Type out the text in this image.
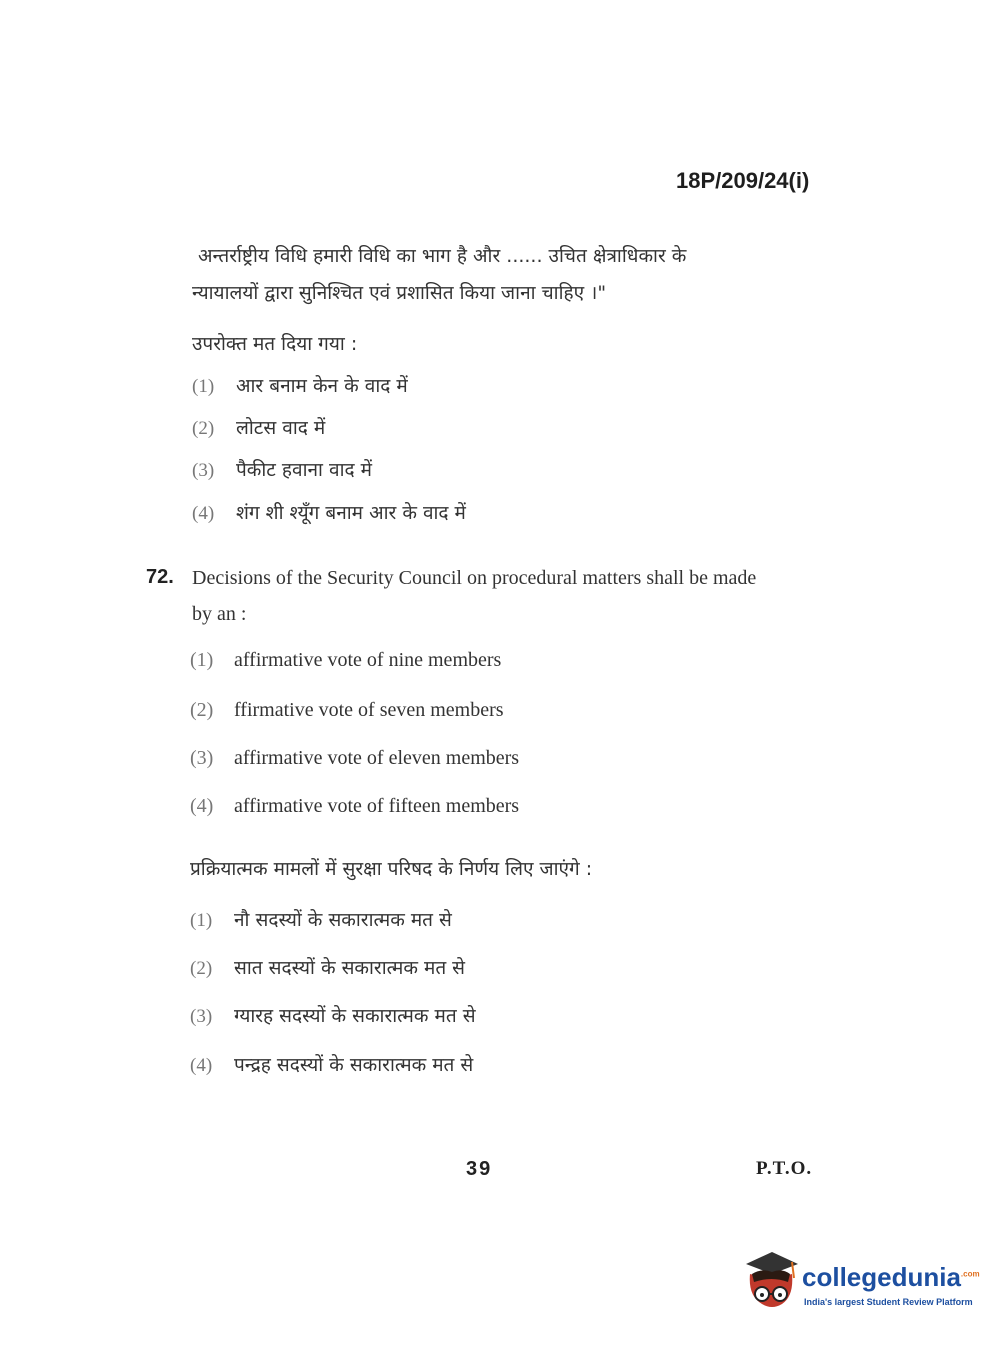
18P/209/24(i)
अन्तर्राष्ट्रीय विधि हमारी विधि का भाग है और ...... उचित क्षेत्राधिकार के
न्यायालयों द्वारा सुनिश्चित एवं प्रशासित किया जाना चाहिए ।"
उपरोक्त मत दिया गया :
(1) आर बनाम केन के वाद में
(2) लोटस वाद में
(3) पैकीट हवाना वाद में
(4) शंग शी श्यूँग बनाम आर के वाद में
72. Decisions of the Security Council on procedural matters shall be made
by an :
(1) affirmative vote of nine members
(2) ffirmative vote of seven members
(3) affirmative vote of eleven members
(4) affirmative vote of fifteen members
प्रक्रियात्मक मामलों में सुरक्षा परिषद के निर्णय लिए जाएंगे :
(1) नौ सदस्यों के सकारात्मक मत से
(2) सात सदस्यों के सकारात्मक मत से
(3) ग्यारह सदस्यों के सकारात्मक मत से
(4) पन्द्रह सदस्यों के सकारात्मक मत से
39	P.T.O.
collegedunia$^{.com}$
India's largest Student Review Platform
